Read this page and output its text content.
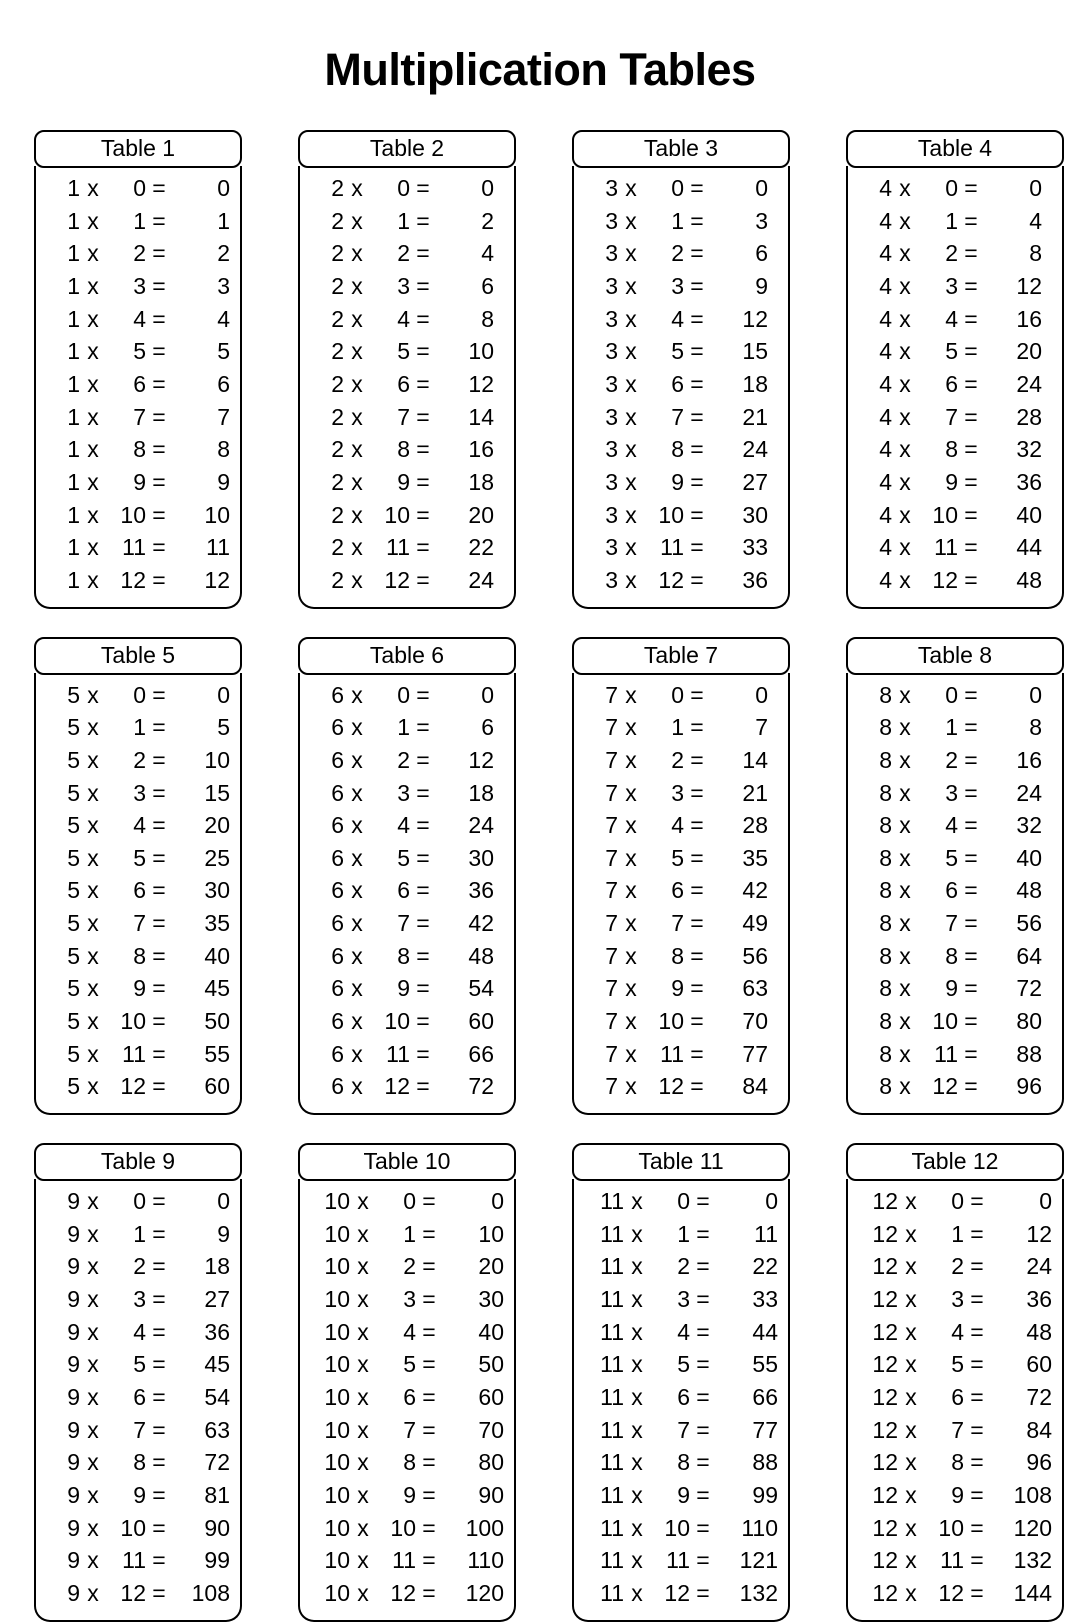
Multiplication Tables
Table 1
1 x	0 =	0
1 x	1 =	1
1 x	2 =	2
1 x	3 =	3
1 x	4 =	4
1 x	5 =	5
1 x	6 =	6
1 x	7 =	7
1 x	8 =	8
1 x	9 =	9
1 x 10 =	10
1 x	11 =	11
1 x 12 =	12
Table 2
2 x	0 =	0
2 x	1 =	2
2 x	2 =	4
2 x	3 =	6
2 x	4 =	8
2 x	5 =	10
2 x	6 =	12
2 x	7 =	14
2 x	8 =	16
2 x	9 =	18
2 x 10 =	20
2 x	11 =	22
2 x 12 =	24
Table 3
3 x	0 =	0
3 x	1 =	3
3 x	2 =	6
3 x	3 =	9
3 x	4 =	12
3 x	5 =	15
3 x	6 =	18
3 x	7 =	21
3 x	8 =	24
3 x	9 =	27
3 x 10 =	30
3 x	11 =	33
3 x 12 =	36
Table 4
4 x	0 =	0
4 x	1 =	4
4 x	2 =	8
4 x	3 =	12
4 x	4 =	16
4 x	5 =	20
4 x	6 =	24
4 x	7 =	28
4 x	8 =	32
4 x	9 =	36
4 x 10 =	40
4 x	11 =	44
4 x 12 =	48
Table 5
5 x	0 =	0
5 x	1 =	5
5 x	2 =	10
5 x	3 =	15
5 x	4 =	20
5 x	5 =	25
5 x	6 =	30
5 x	7 =	35
5 x	8 =	40
5 x	9 =	45
5 x 10 =	50
5 x	11 =	55
5 x 12 =	60
Table 6
6 x	0 =	0
6 x	1 =	6
6 x	2 =	12
6 x	3 =	18
6 x	4 =	24
6 x	5 =	30
6 x	6 =	36
6 x	7 =	42
6 x	8 =	48
6 x	9 =	54
6 x 10 =	60
6 x	11 =	66
6 x 12 =	72
Table 7
7 x	0 =	0
7 x	1 =	7
7 x	2 =	14
7 x	3 =	21
7 x	4 =	28
7 x	5 =	35
7 x	6 =	42
7 x	7 =	49
7 x	8 =	56
7 x	9 =	63
7 x 10 =	70
7 x	11 =	77
7 x 12 =	84
Table 8
8 x	0 =	0
8 x	1 =	8
8 x	2 =	16
8 x	3 =	24
8 x	4 =	32
8 x	5 =	40
8 x	6 =	48
8 x	7 =	56
8 x	8 =	64
8 x	9 =	72
8 x 10 =	80
8 x	11 =	88
8 x 12 =	96
Table 9
9 x	0 =	0
9 x	1 =	9
9 x	2 =	18
9 x	3 =	27
9 x	4 =	36
9 x	5 =	45
9 x	6 =	54
9 x	7 =	63
9 x	8 =	72
9 x	9 =	81
9 x 10 =	90
9 x	11 =	99
9 x 12 =	108
Table 10
10 x	0 =	0
10 x	1 =	10
10 x	2 =	20
10 x	3 =	30
10 x	4 =	40
10 x	5 =	50
10 x	6 =	60
10 x	7 =	70
10 x	8 =	80
10 x	9 =	90
10 x 10 =	100
10 x	11 =	110
10 x 12 =	120
Table 11
11 x	0 =	0
11 x	1 =	11
11 x	2 =	22
11 x	3 =	33
11 x	4 =	44
11 x	5 =	55
11 x	6 =	66
11 x	7 =	77
11 x	8 =	88
11 x	9 =	99
11 x 10 =	110
11 x	11 =	121
11 x 12 =	132
Table 12
12 x	0 =	0
12 x	1 =	12
12 x	2 =	24
12 x	3 =	36
12 x	4 =	48
12 x	5 =	60
12 x	6 =	72
12 x	7 =	84
12 x	8 =	96
12 x	9 =	108
12 x 10 =	120
12 x	11 =	132
12 x 12 =	144
